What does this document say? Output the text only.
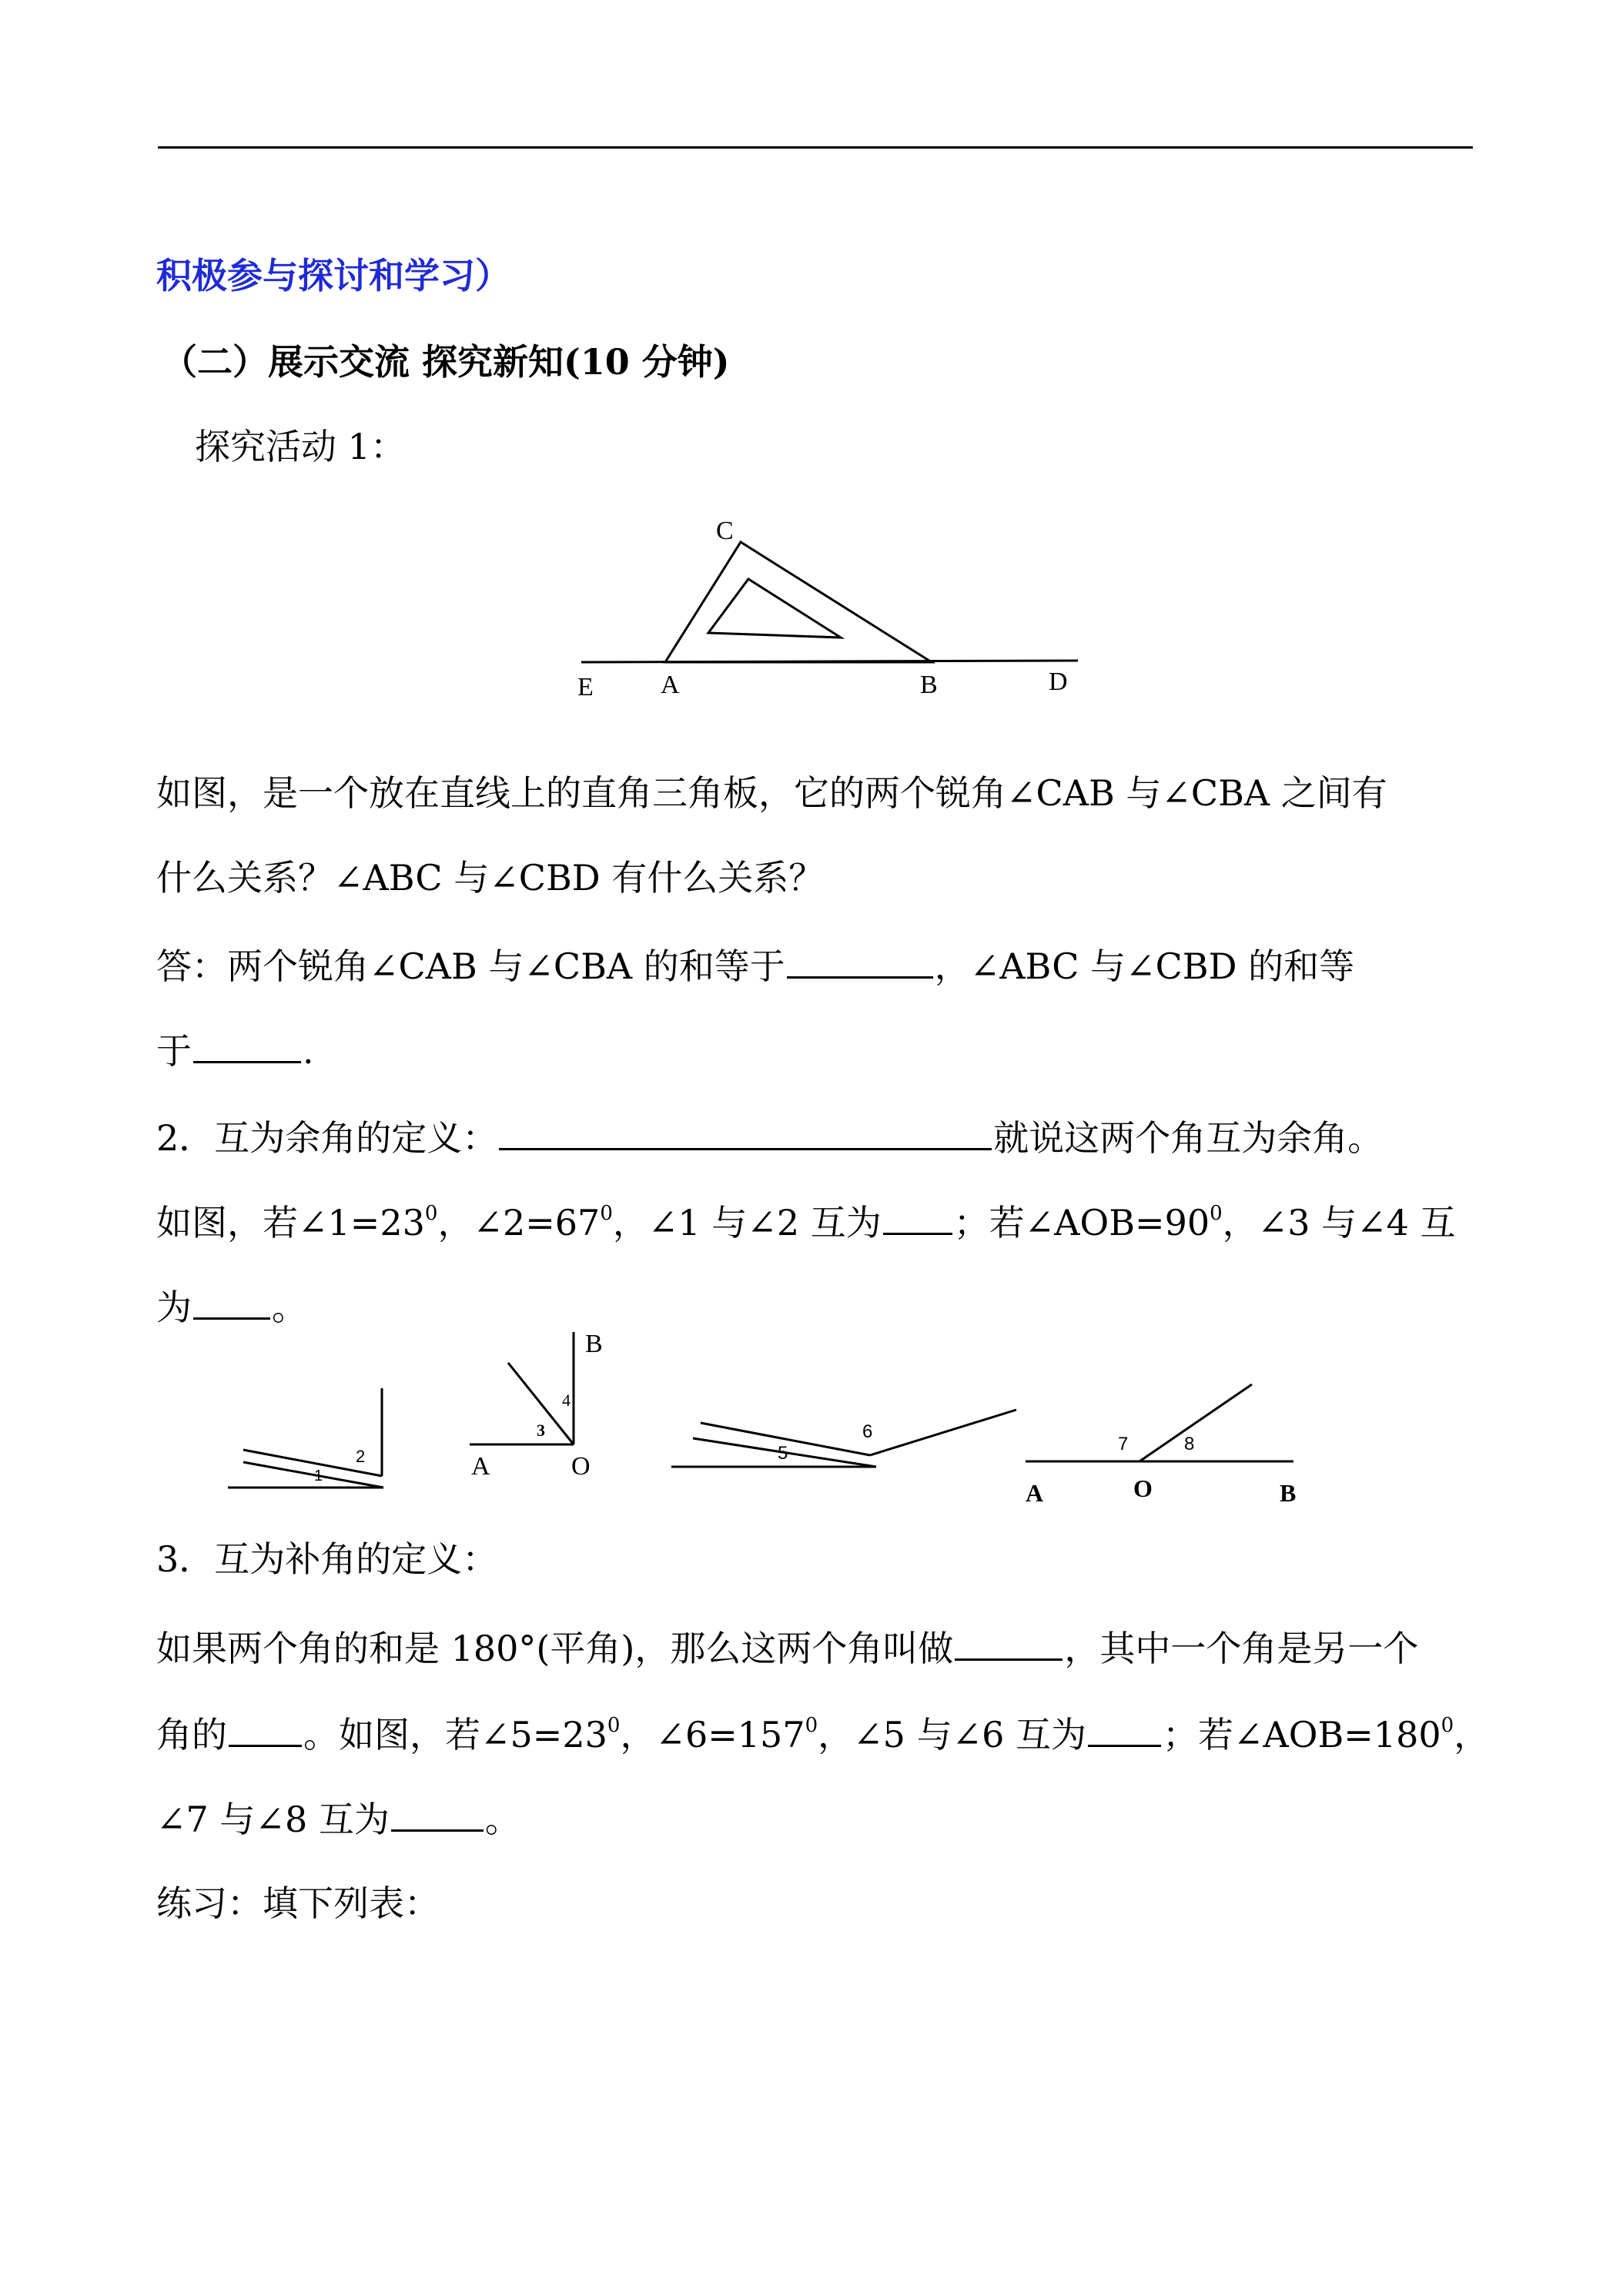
积极参与探讨和学习）
（二）展示交流 探究新知(10 分钟)
探究活动 1：
C
E	A	B	D
如图，是一个放在直线上的直角三角板，它的两个锐角∠CAB 与∠CBA 之间有
什么关系？∠ABC 与∠CBD 有什么关系？
答：两个锐角∠CAB 与∠CBA 的和等于	，∠ABC 与∠CBD 的和等
于	.
2．互为余角的定义：	就说这两个角互为余角。
如图，若$\angle 1=23^0$，$\angle 2=67^0$，∠1 与∠2 互为 ；若$\angle AOB=90^0$，∠3 与∠4 互
为 。
2
1
B
4
3
A	O
6
5	7	8
A	O	B
3．互为补角的定义：
如果两个角的和是 180°(平角)，那么这两个角叫做	，其中一个角是另一个
角的 。如图，若$\angle 5=23^0$，$\angle 6=157^0$，∠5 与∠6 互为 ；若$\angle AOB=180^0$，
∠7 与∠8 互为	。
练习：填下列表：
